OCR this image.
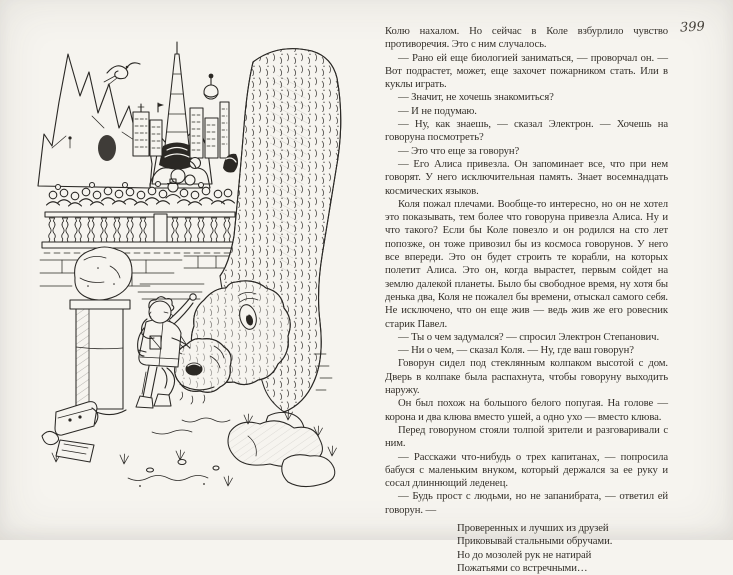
399

Колю нахалом. Но сейчас в Коле взбурлило чувство противоречия. Это с ним случалось.

— Рано ей еще биологией заниматься, — проворчал он. — Вот подрастет, может, еще захочет пожарником стать. Или в куклы играть.

— Значит, не хочешь знакомиться?

— И не подумаю.

— Ну, как знаешь, — сказал Электрон. — Хочешь на говоруна посмотреть?

— Это что еще за говорун?

— Его Алиса привезла. Он запоминает все, что при нем говорят. У него исключительная память. Знает восемнадцать космических языков.

Коля пожал плечами. Вообще-то интересно, но он не хотел это показывать, тем более что говоруна привезла Алиса. Ну и что такого? Если бы Коле повезло и он родился на сто лет попозже, он тоже привозил бы из космоса говорунов. У него все впереди. Это он будет строить те корабли, на которых полетит Алиса. Это он, когда вырастет, первым сойдет на землю далекой планеты. Было бы свободное время, ну хотя бы денька два, Коля не пожалел бы времени, отыскал самого себя. Не исключено, что он еще жив — ведь жив же его ровесник старик Павел.

— Ты о чем задумался? — спросил Электрон Степанович.

— Ни о чем, — сказал Коля. — Ну, где ваш говорун?

Говорун сидел под стеклянным колпаком высотой с дом. Дверь в колпаке была распахнута, чтобы говоруну выходить наружу.

Он был похож на большого белого попугая. На голове — корона и два клюва вместо ушей, а одно ухо — вместо клюва.

Перед говоруном стояли толпой зрители и разговаривали с ним.

— Расскажи что-нибудь о трех капитанах, — попросила бабуся с маленьким внуком, который держался за ее руку и сосал длиннющий леденец.

— Будь прост с людьми, но не запанибрата, — ответил ей говорун. —

Проверенных и лучших из друзей
Приковывай стальными обручами.
Но до мозолей рук не натирай
Пожатьями со встречными…
